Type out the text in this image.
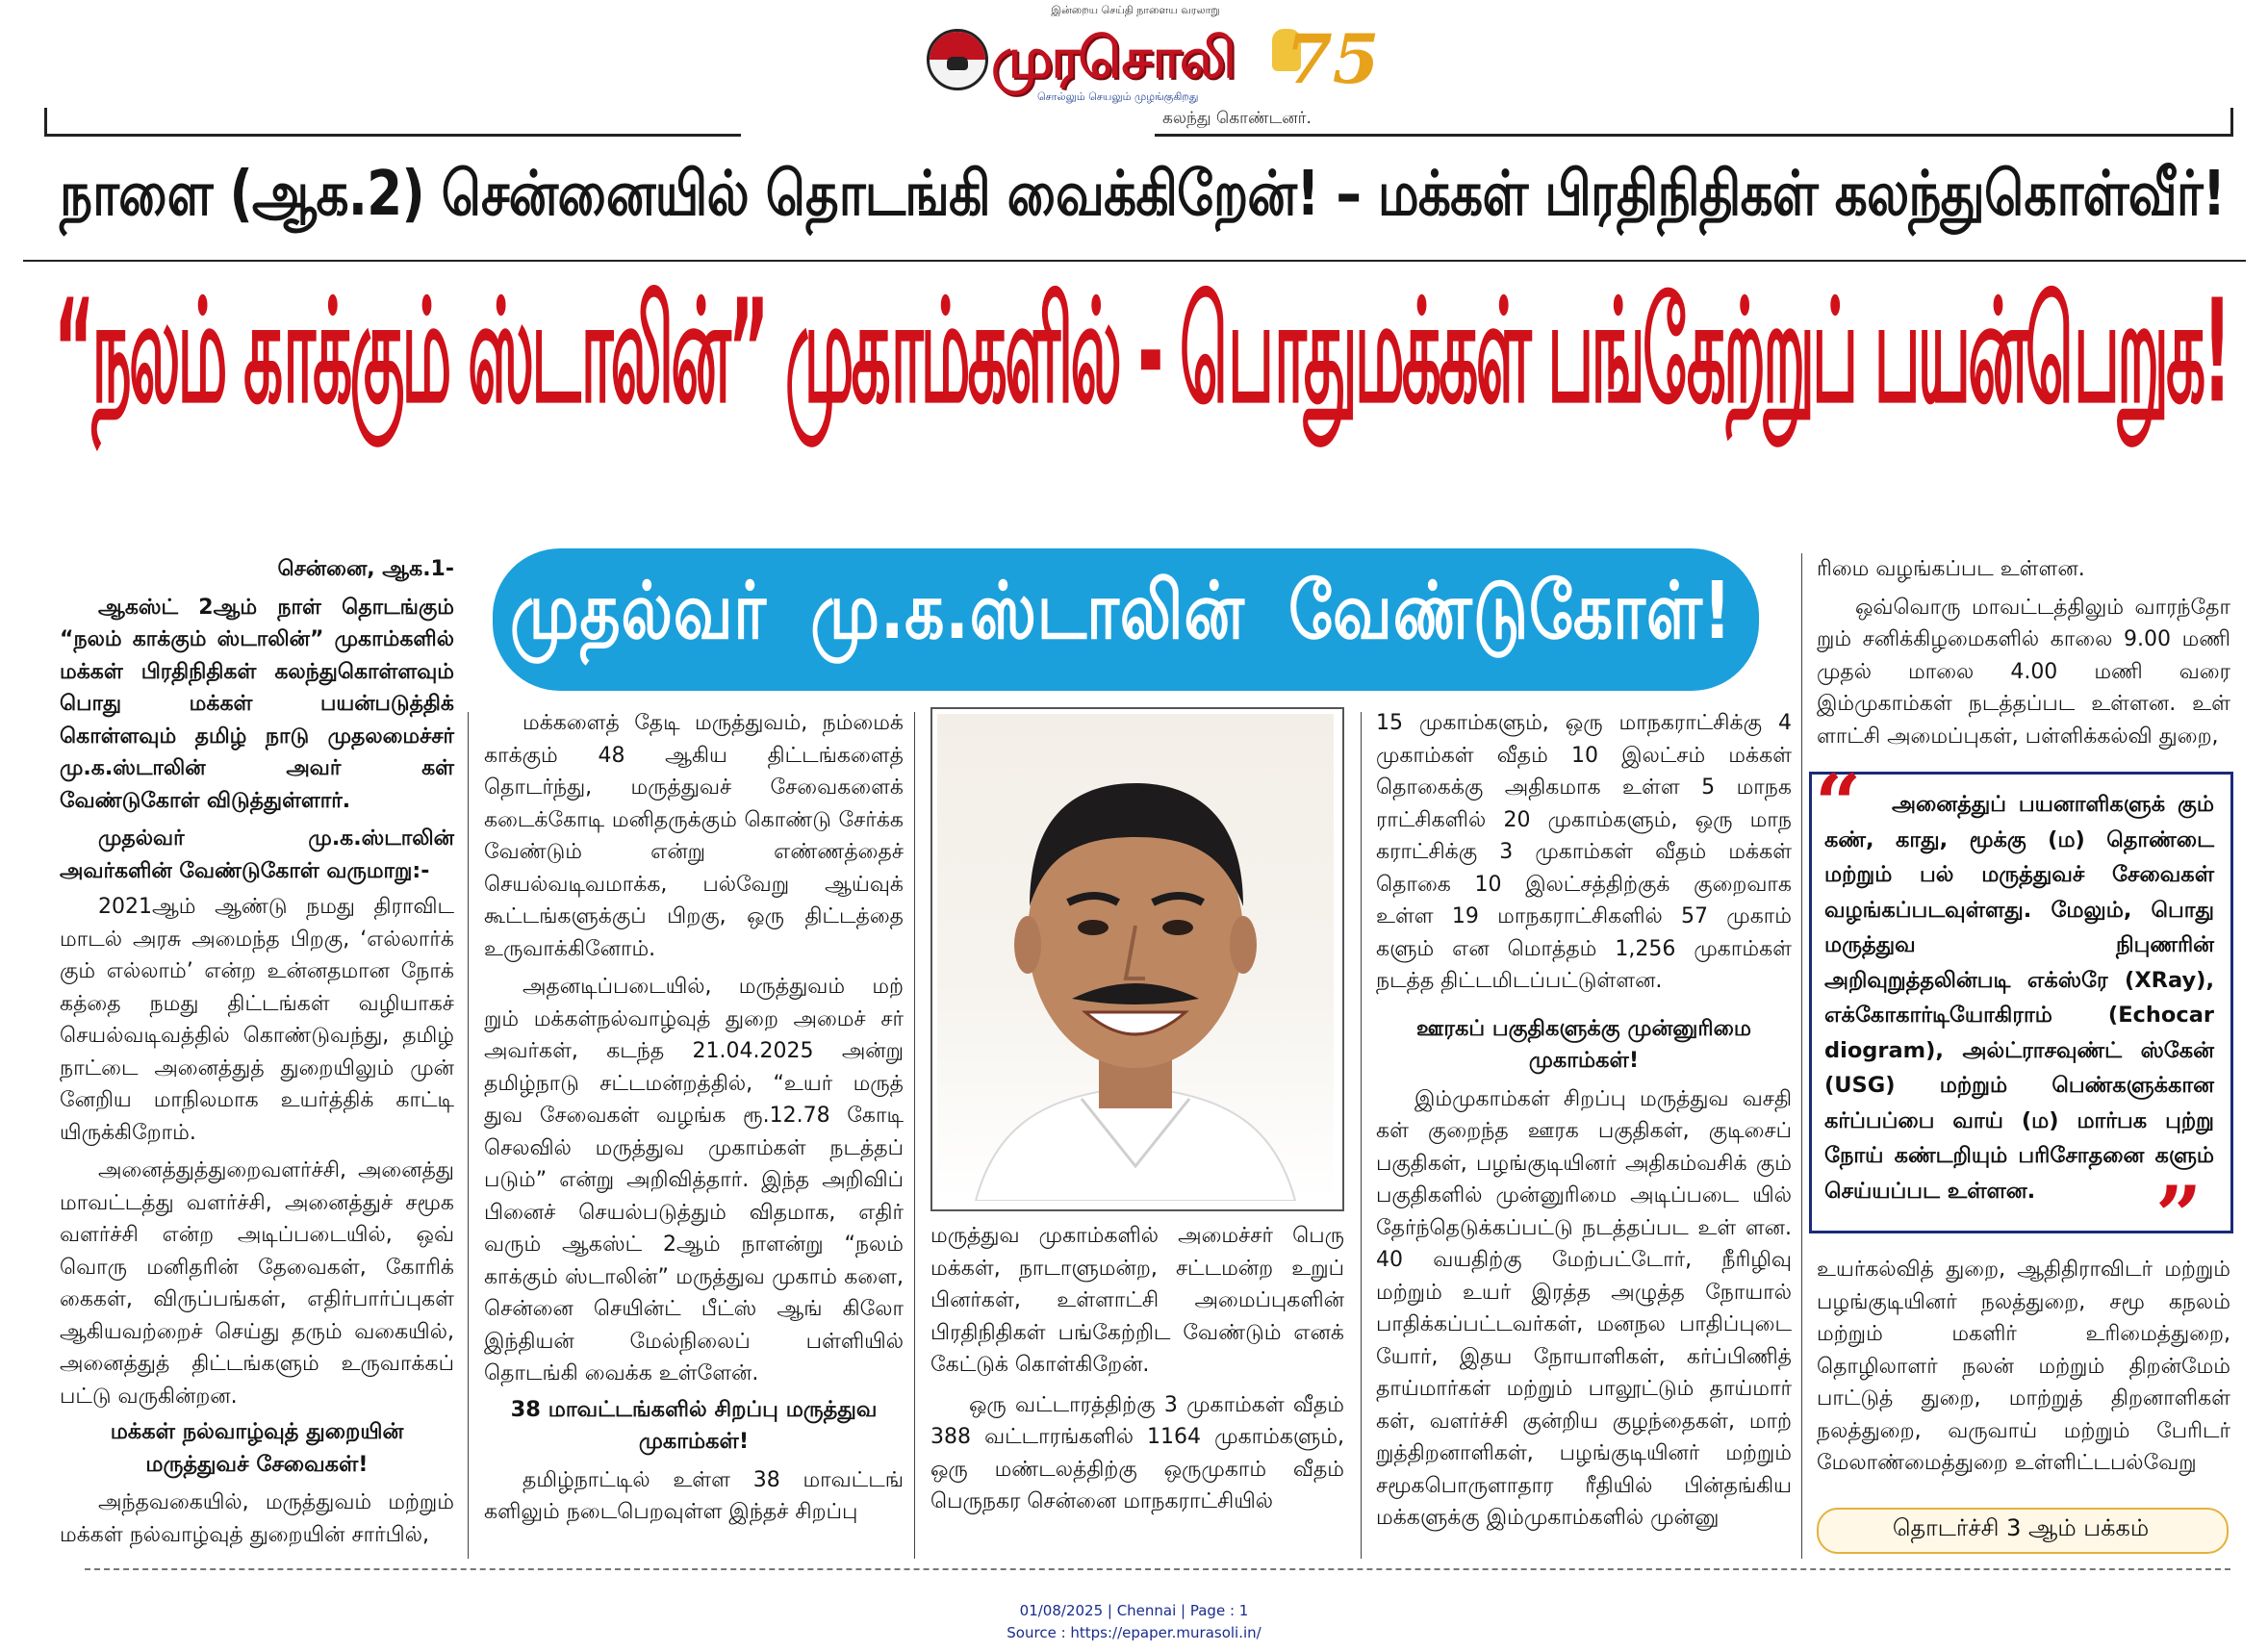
இன்றைய செய்தி நாளைய வரலாறு
முரசொலி
சொல்லும் செயலும் முழங்குகிறது 75
கலந்து கொண்டனர்.
நாளை (ஆக.2) சென்னையில் தொடங்கி வைக்கிறேன்! – மக்கள் பிரதிநிதிகள் கலந்துகொள்வீர்!
“நலம் காக்கும் ஸ்டாலின்” முகாம்களில் - பொதுமக்கள் பங்கேற்றுப் பயன்பெறுக!
முதல்வர் மு.க.ஸ்டாலின் வேண்டுகோள்!

சென்னை, ஆக.1-

ஆகஸ்ட் 2ஆம் நாள் தொடங்கும் “நலம் காக்கும் ஸ்டாலின்” முகாம்களில் மக்கள் பிரதிநிதிகள் கலந்துகொள்ளவும் பொது மக்கள் பயன்படுத்திக் கொள்ளவும் தமிழ் நாடு முதலமைச்சர் மு.க.ஸ்டாலின் அவர் கள் வேண்டுகோள் விடுத்துள்ளார்.

முதல்வர் மு.க.ஸ்டாலின் அவர்களின் வேண்டுகோள் வருமாறு:-

2021ஆம் ஆண்டு நமது திராவிட மாடல் அரசு அமைந்த பிறகு, ‘எல்லார்க் கும் எல்லாம்’ என்ற உன்னதமான நோக் கத்தை நமது திட்டங்கள் வழியாகச் செயல்வடிவத்தில் கொண்டுவந்து, தமிழ் நாட்டை அனைத்துத் துறையிலும் முன் னேறிய மாநிலமாக உயர்த்திக் காட்டி யிருக்கிறோம்.

அனைத்துத்துறைவளர்ச்சி, அனைத்து மாவட்டத்து வளர்ச்சி, அனைத்துச் சமூக வளர்ச்சி என்ற அடிப்படையில், ஒவ் வொரு மனிதரின் தேவைகள், கோரிக் கைகள், விருப்பங்கள், எதிர்பார்ப்புகள் ஆகியவற்றைச் செய்து தரும் வகையில், அனைத்துத் திட்டங்களும் உருவாக்கப் பட்டு வருகின்றன.

மக்கள் நல்வாழ்வுத் துறையின் மருத்துவச் சேவைகள்!

அந்தவகையில், மருத்துவம் மற்றும் மக்கள் நல்வாழ்வுத் துறையின் சார்பில்,

மக்களைத் தேடி மருத்துவம், நம்மைக் காக்கும் 48 ஆகிய திட்டங்களைத் தொடர்ந்து, மருத்துவச் சேவைகளைக் கடைக்கோடி மனிதருக்கும் கொண்டு சேர்க்க வேண்டும் என்று எண்ணத்தைச் செயல்வடிவமாக்க, பல்வேறு ஆய்வுக் கூட்டங்களுக்குப் பிறகு, ஒரு திட்டத்தை உருவாக்கினோம்.

அதனடிப்படையில், மருத்துவம் மற் றும் மக்கள்நல்வாழ்வுத் துறை அமைச் சர் அவர்கள், கடந்த 21.04.2025 அன்று தமிழ்நாடு சட்டமன்றத்தில், “உயர் மருத் துவ சேவைகள் வழங்க ரூ.12.78 கோடி செலவில் மருத்துவ முகாம்கள் நடத்தப் படும்” என்று அறிவித்தார். இந்த அறிவிப் பினைச் செயல்படுத்தும் விதமாக, எதிர் வரும் ஆகஸ்ட் 2ஆம் நாளன்று “நலம் காக்கும் ஸ்டாலின்” மருத்துவ முகாம் களை, சென்னை செயின்ட் பீட்ஸ் ஆங் கிலோ இந்தியன் மேல்நிலைப் பள்ளியில் தொடங்கி வைக்க உள்ளேன்.

38 மாவட்டங்களில் சிறப்பு மருத்துவ முகாம்கள்!

தமிழ்நாட்டில் உள்ள 38 மாவட்டங் களிலும் நடைபெறவுள்ள இந்தச் சிறப்பு

மருத்துவ முகாம்களில் அமைச்சர் பெரு மக்கள், நாடாளுமன்ற, சட்டமன்ற உறுப் பினர்கள், உள்ளாட்சி அமைப்புகளின் பிரதிநிதிகள் பங்கேற்றிட வேண்டும் எனக் கேட்டுக் கொள்கிறேன்.

ஒரு வட்டாரத்திற்கு 3 முகாம்கள் வீதம் 388 வட்டாரங்களில் 1164 முகாம்களும், ஒரு மண்டலத்திற்கு ஒருமுகாம் வீதம் பெருநகர சென்னை மாநகராட்சியில்

15 முகாம்களும், ஒரு மாநகராட்சிக்கு 4 முகாம்கள் வீதம் 10 இலட்சம் மக்கள் தொகைக்கு அதிகமாக உள்ள 5 மாநக ராட்சிகளில் 20 முகாம்களும், ஒரு மாந கராட்சிக்கு 3 முகாம்கள் வீதம் மக்கள் தொகை 10 இலட்சத்திற்குக் குறைவாக உள்ள 19 மாநகராட்சிகளில் 57 முகாம் களும் என மொத்தம் 1,256 முகாம்கள் நடத்த திட்டமிடப்பட்டுள்ளன.

ஊரகப் பகுதிகளுக்கு முன்னுரிமை முகாம்கள்!

இம்முகாம்கள் சிறப்பு மருத்துவ வசதி கள் குறைந்த ஊரக பகுதிகள், குடிசைப் பகுதிகள், பழங்குடியினர் அதிகம்வசிக் கும் பகுதிகளில் முன்னுரிமை அடிப்படை யில் தேர்ந்தெடுக்கப்பட்டு நடத்தப்பட உள் ளன. 40 வயதிற்கு மேற்பட்டோர், நீரிழிவு மற்றும் உயர் இரத்த அழுத்த நோயால் பாதிக்கப்பட்டவர்கள், மனநல பாதிப்புடை யோர், இதய நோயாளிகள், கர்ப்பிணித் தாய்மார்கள் மற்றும் பாலூட்டும் தாய்மார் கள், வளர்ச்சி குன்றிய குழந்தைகள், மாற் றுத்திறனாளிகள், பழங்குடியினர் மற்றும் சமூகபொருளாதார ரீதியில் பின்தங்கிய மக்களுக்கு இம்முகாம்களில் முன்னு

ரிமை வழங்கப்பட உள்ளன.

ஒவ்வொரு மாவட்டத்திலும் வாரந்தோ றும் சனிக்கிழமைகளில் காலை 9.00 மணி முதல் மாலை 4.00 மணி வரை இம்முகாம்கள் நடத்தப்பட உள்ளன. உள் ளாட்சி அமைப்புகள், பள்ளிக்கல்வி துறை,

“	அனைத்துப் பயனாளிகளுக் கும் கண், காது, மூக்கு (ம) தொண்டை மற்றும் பல் மருத்துவச் சேவைகள் வழங்கப்படவுள்ளது. மேலும், பொது மருத்துவ நிபுணரின் அறிவுறுத்தலின்படி எக்ஸ்ரே (XRay), எக்கோகார்டியோகிராம் (Echocar diogram), அல்ட்ராசவுண்ட் ஸ்கேன் (USG) மற்றும் பெண்களுக்கான கர்ப்பப்பை வாய் (ம) மார்பக புற்று நோய் கண்டறியும் பரிசோதனை களும் செய்யப்பட உள்ளன.	”

உயர்கல்வித் துறை, ஆதிதிராவிடர் மற்றும் பழங்குடியினர் நலத்துறை, சமூ கநலம் மற்றும் மகளிர் உரிமைத்துறை, தொழிலாளர் நலன் மற்றும் திறன்மேம் பாட்டுத் துறை, மாற்றுத் திறனாளிகள் நலத்துறை, வருவாய் மற்றும் பேரிடர் மேலாண்மைத்துறை உள்ளிட்டபல்வேறு

தொடர்ச்சி 3 ஆம் பக்கம்
01/08/2025 | Chennai | Page : 1
Source : https://epaper.murasoli.in/
